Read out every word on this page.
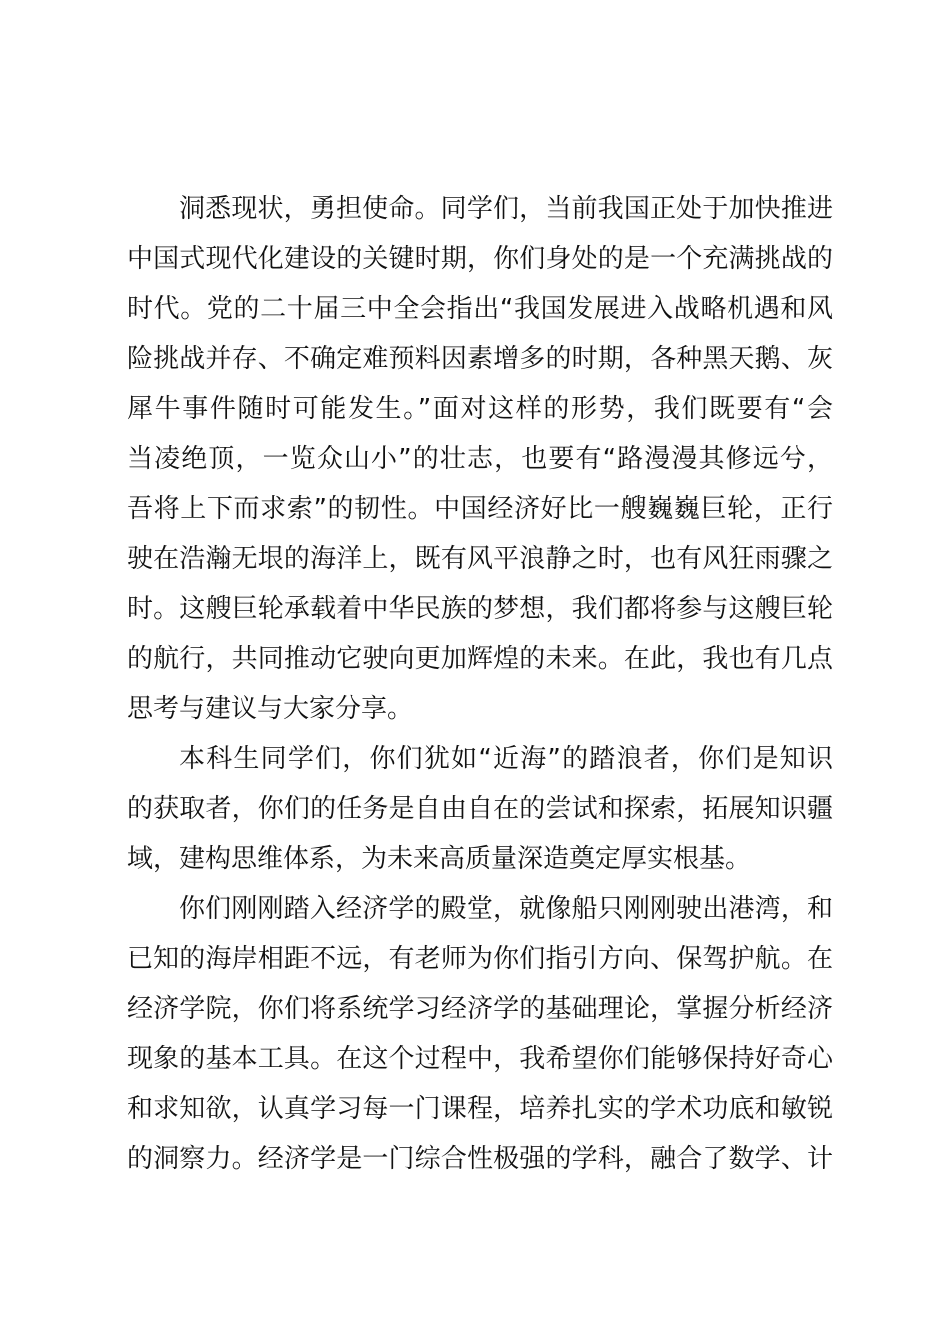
洞悉现状，勇担使命。同学们，当前我国正处于加快推进
中国式现代化建设的关键时期，你们身处的是一个充满挑战的
时代。党的二十届三中全会指出“我国发展进入战略机遇和风
险挑战并存、不确定难预料因素增多的时期，各种黑天鹅、灰
犀牛事件随时可能发生。”面对这样的形势，我们既要有“会
当凌绝顶，一览众山小”的壮志，也要有“路漫漫其修远兮，
吾将上下而求索”的韧性。中国经济好比一艘巍巍巨轮，正行
驶在浩瀚无垠的海洋上，既有风平浪静之时，也有风狂雨骤之
时。这艘巨轮承载着中华民族的梦想，我们都将参与这艘巨轮
的航行，共同推动它驶向更加辉煌的未来。在此，我也有几点
思考与建议与大家分享。
本科生同学们，你们犹如“近海”的踏浪者，你们是知识
的获取者，你们的任务是自由自在的尝试和探索，拓展知识疆
域，建构思维体系，为未来高质量深造奠定厚实根基。
你们刚刚踏入经济学的殿堂，就像船只刚刚驶出港湾，和
已知的海岸相距不远，有老师为你们指引方向、保驾护航。在
经济学院，你们将系统学习经济学的基础理论，掌握分析经济
现象的基本工具。在这个过程中，我希望你们能够保持好奇心
和求知欲，认真学习每一门课程，培养扎实的学术功底和敏锐
的洞察力。经济学是一门综合性极强的学科，融合了数学、计
